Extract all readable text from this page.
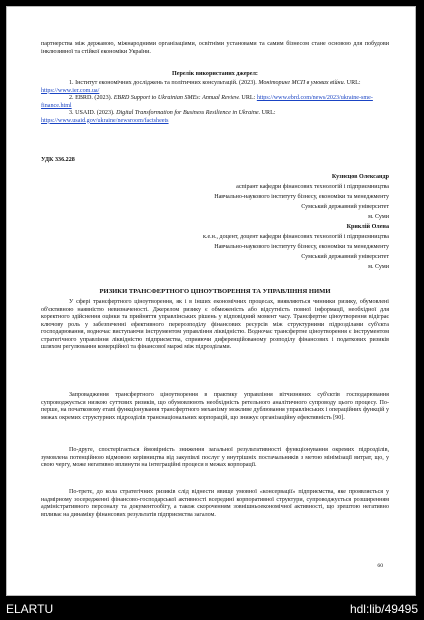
партнерства між державою, міжнародними організаціями, освітніми установами та самим бізнесом стане основою для побудови інклюзивної та стійкої економіки України.

Перелік використаних джерел:

1. Інститут економічних досліджень та політичних консультацій. (2023). Моніторинг МСП в умовах війни. URL: https://www.ier.com.ua/

2. EBRD. (2023). EBRD Support to Ukrainian SMEs: Annual Review. URL: https://www.ebrd.com/news/2023/ukraine-sme-finance.html

3. USAID. (2023). Digital Transformation for Business Resilience in Ukraine. URL: https://www.usaid.gov/ukraine/newsroom/factsheets

УДК 336.228

Кузнєцов Олександр

аспірант кафедри фінансових технологій і підприємництва

Навчально-наукового інституту бізнесу, економіки та менеджменту

Сумський державний університет

м. Суми

Криклій Олена

к.е.н., доцент, доцент кафедри фінансових технологій і підприємництва

Навчально-наукового інституту бізнесу, економіки та менеджменту

Сумський державний університет

м. Суми

РИЗИКИ ТРАНСФЕРТНОГО ЦІНОУТВОРЕННЯ ТА УПРАВЛІННЯ НИМИ

У сфері трансфертного ціноутворення, як і в інших економічних процесах, виявляються чинники ризику, обумовлені об'єктивною наявністю невизначеності. Джерелом ризику є обмеженість або відсутність повної інформації, необхідної для коректного здійснення оцінки та прийняття управлінських рішень у відповідний момент часу. Трансфертне ціноутворення відіграє ключову роль у забезпеченні ефективного перерозподілу фінансових ресурсів між структурними підрозділами суб'єкта господарювання, водночас виступаючи інструментом управління ліквідністю. Водночас трансфертне ціноутворення є інструментом стратегічного управління ліквідністю підприємства, сприяючи диференційованому розподілу фінансових і податкових ризиків шляхом регулювання комерційної та фінансової маржі між підрозділами.

Запровадження трансфертного ціноутворення в практику управління вітчизняних суб'єктів господарювання супроводжується низкою суттєвих ризиків, що обумовлюють необхідність ретельного аналітичного супроводу цього процесу. По-перше, на початковому етапі функціонування трансфертного механізму можливе дублювання управлінських і операційних функцій у межах окремих структурних підрозділів транснаціональних корпорацій, що знижує організаційну ефективність [90].

По-друге, спостерігається ймовірність зниження загальної результативності функціонування окремих підрозділів, зумовлена потенційною відмовою керівництва від закупівлі послуг у внутрішніх постачальників з метою мінімізації витрат, що, у свою чергу, може негативно вплинути на інтеграційні процеси в межах корпорації.

По-третє, до кола стратегічних ризиків слід віднести явище умовної «консервації» підприємства, яке проявляється у надмірному зосередженні фінансово-господарської активності всередині корпоративної структури, супроводжується розширенням адміністративного персоналу та документообігу, а також скороченням зовнішньоекономічної активності, що зрештою негативно впливає на динаміку фінансових результатів підприємства загалом.

60
ELARTU	hdl:lib/49495
